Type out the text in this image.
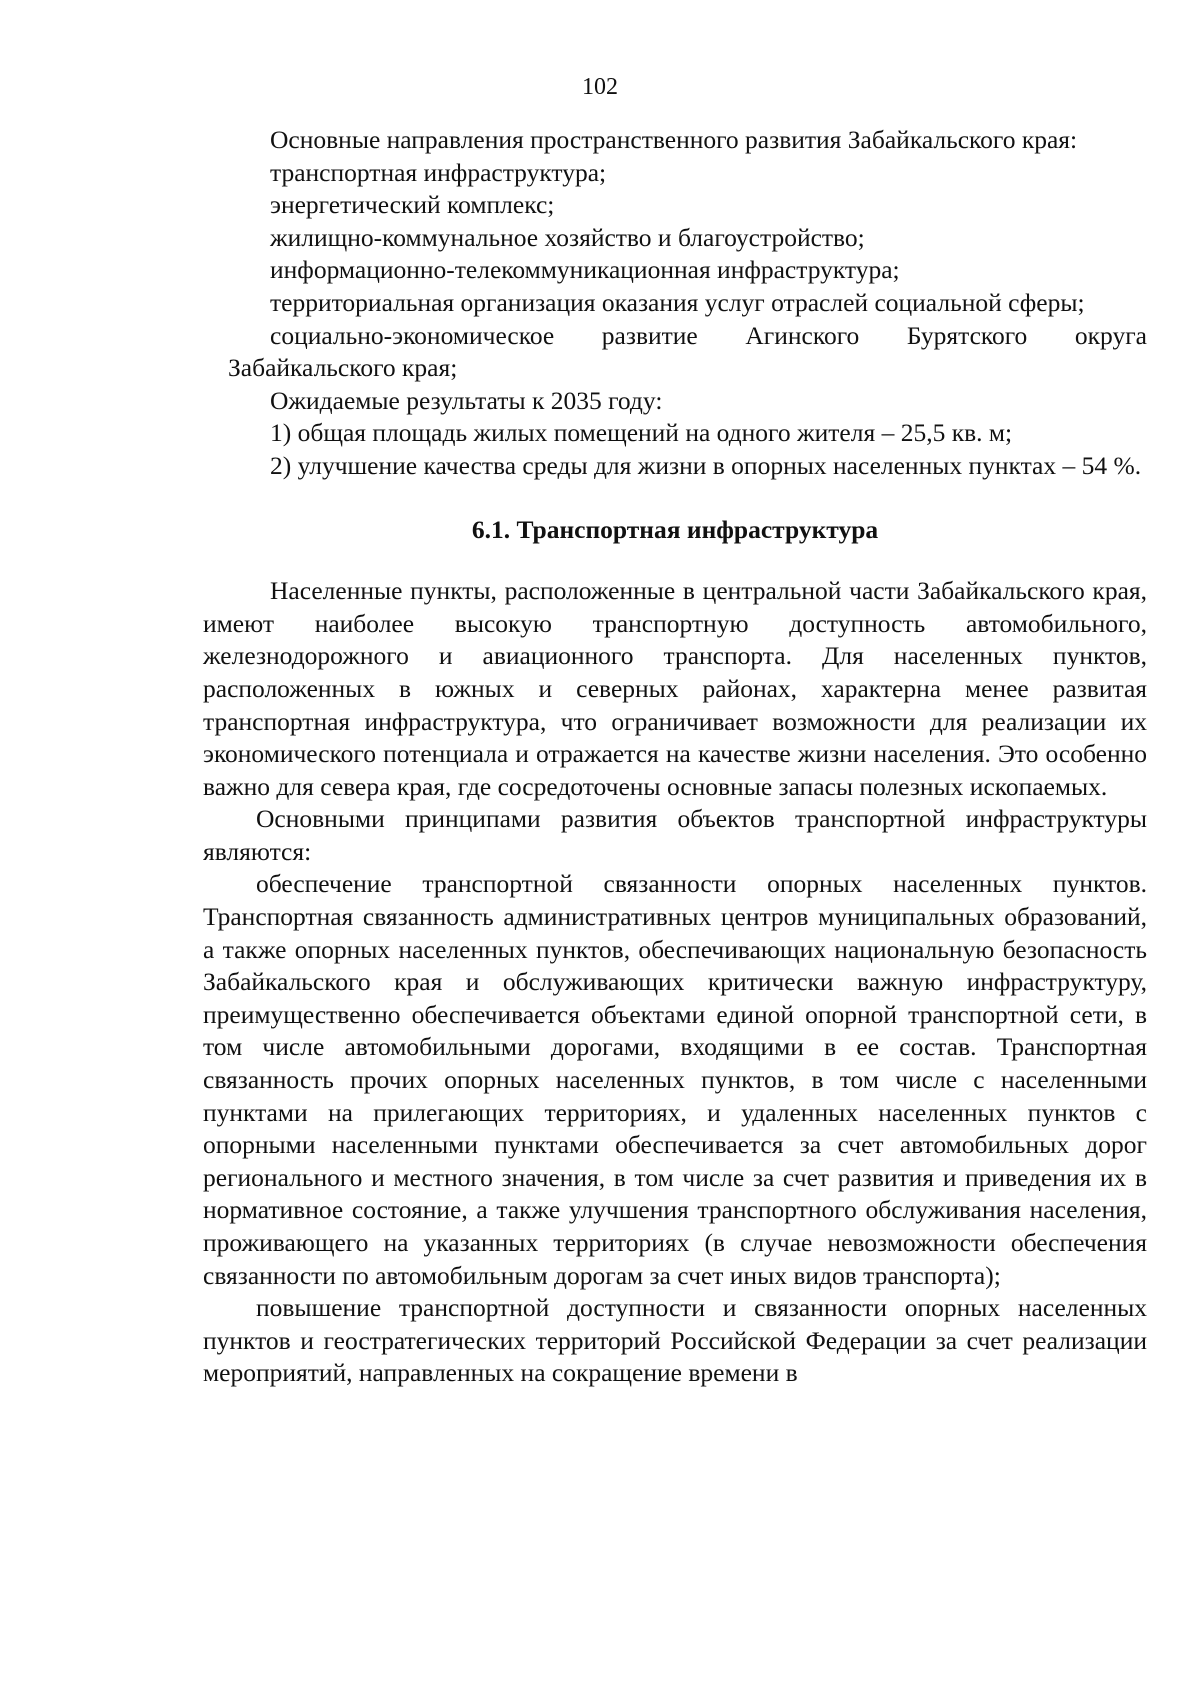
102

Основные направления пространственного развития Забайкальского края:

транспортная инфраструктура;

энергетический комплекс;

жилищно-коммунальное хозяйство и благоустройство;

информационно-телекоммуникационная инфраструктура;

территориальная организация оказания услуг отраслей социальной сферы;

социально-экономическое развитие Агинского Бурятского округа Забайкальского края;

Ожидаемые результаты к 2035 году:

1) общая площадь жилых помещений на одного жителя – 25,5 кв. м;

2) улучшение качества среды для жизни в опорных населенных пунктах – 54 %.

6.1. Транспортная инфраструктура

Населенные пункты, расположенные в центральной части Забайкальского края, имеют наиболее высокую транспортную доступность автомобильного, железнодорожного и авиационного транспорта. Для населенных пунктов, расположенных в южных и северных районах, характерна менее развитая транспортная инфраструктура, что ограничивает возможности для реализации их экономического потенциала и отражается на качестве жизни населения. Это особенно важно для севера края, где сосредоточены основные запасы полезных ископаемых.

Основными принципами развития объектов транспортной инфраструктуры являются:

обеспечение транспортной связанности опорных населенных пунктов. Транспортная связанность административных центров муниципальных образований, а также опорных населенных пунктов, обеспечивающих национальную безопасность Забайкальского края и обслуживающих критически важную инфраструктуру, преимущественно обеспечивается объектами единой опорной транспортной сети, в том числе автомобильными дорогами, входящими в ее состав. Транспортная связанность прочих опорных населенных пунктов, в том числе с населенными пунктами на прилегающих территориях, и удаленных населенных пунктов с опорными населенными пунктами обеспечивается за счет автомобильных дорог регионального и местного значения, в том числе за счет развития и приведения их в нормативное состояние, а также улучшения транспортного обслуживания населения, проживающего на указанных территориях (в случае невозможности обеспечения связанности по автомобильным дорогам за счет иных видов транспорта);

повышение транспортной доступности и связанности опорных населенных пунктов и геостратегических территорий Российской Федерации за счет реализации мероприятий, направленных на сокращение времени в
